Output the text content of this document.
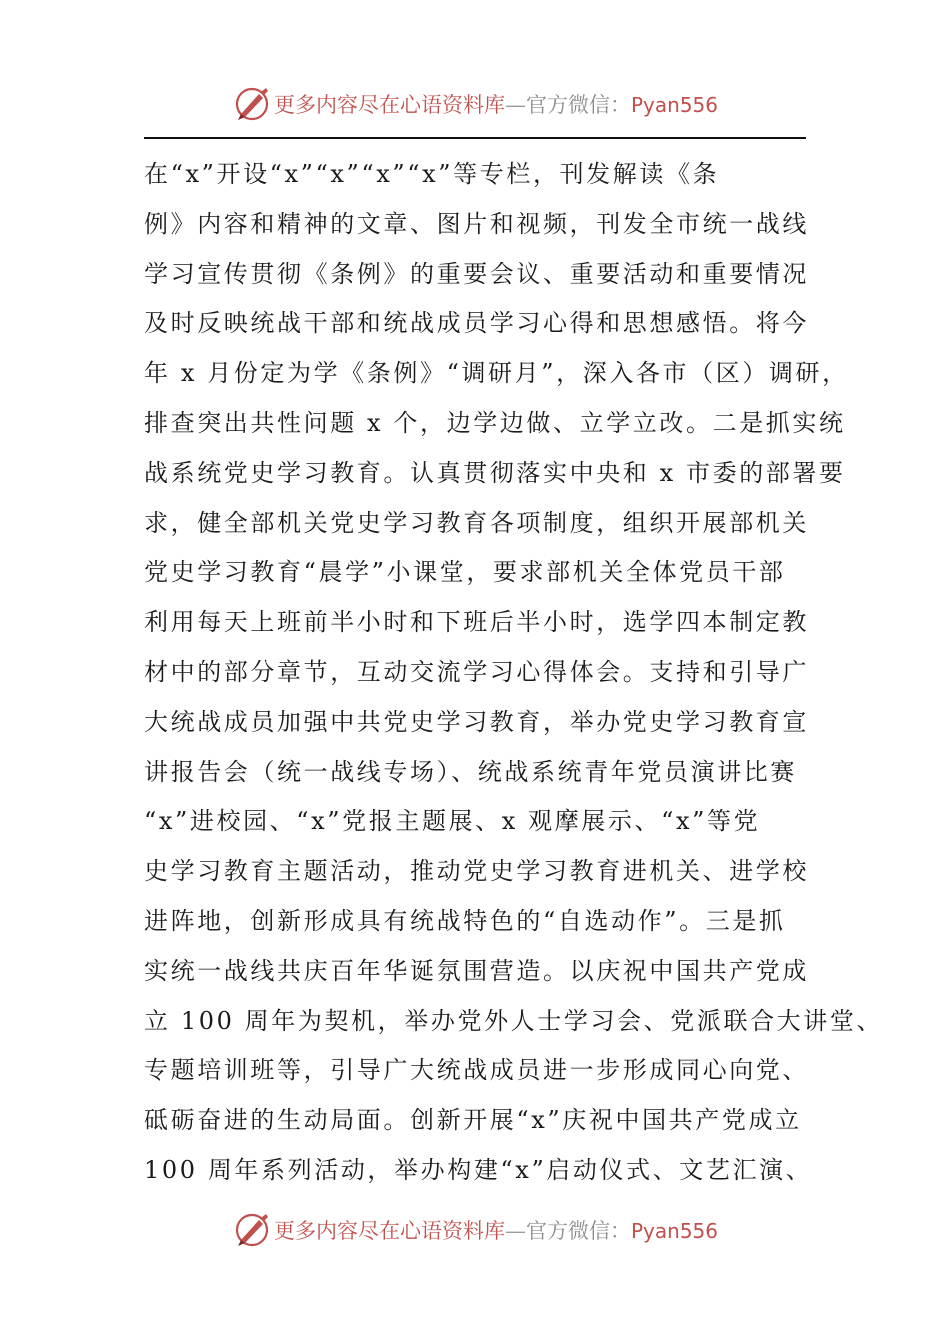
更多内容尽在心语资料库—官方微信：Pyan556
在“x”开设“x”“x”“x”“x”等专栏，刊发解读《条
例》内容和精神的文章、图片和视频，刊发全市统一战线
学习宣传贯彻《条例》的重要会议、重要活动和重要情况
及时反映统战干部和统战成员学习心得和思想感悟。将今
年 x 月份定为学《条例》“调研月”，深入各市（区）调研，
排查突出共性问题 x 个，边学边做、立学立改。二是抓实统
战系统党史学习教育。认真贯彻落实中央和 x 市委的部署要
求，健全部机关党史学习教育各项制度，组织开展部机关
党史学习教育“晨学”小课堂，要求部机关全体党员干部
利用每天上班前半小时和下班后半小时，选学四本制定教
材中的部分章节，互动交流学习心得体会。支持和引导广
大统战成员加强中共党史学习教育，举办党史学习教育宣
讲报告会（统一战线专场）、统战系统青年党员演讲比赛
“x”进校园、“x”党报主题展、x 观摩展示、“x”等党
史学习教育主题活动，推动党史学习教育进机关、进学校
进阵地，创新形成具有统战特色的“自选动作”。三是抓
实统一战线共庆百年华诞氛围营造。以庆祝中国共产党成
立 100 周年为契机，举办党外人士学习会、党派联合大讲堂、
专题培训班等，引导广大统战成员进一步形成同心向党、
砥砺奋进的生动局面。创新开展“x”庆祝中国共产党成立
100 周年系列活动，举办构建“x”启动仪式、文艺汇演、
更多内容尽在心语资料库—官方微信：Pyan556
